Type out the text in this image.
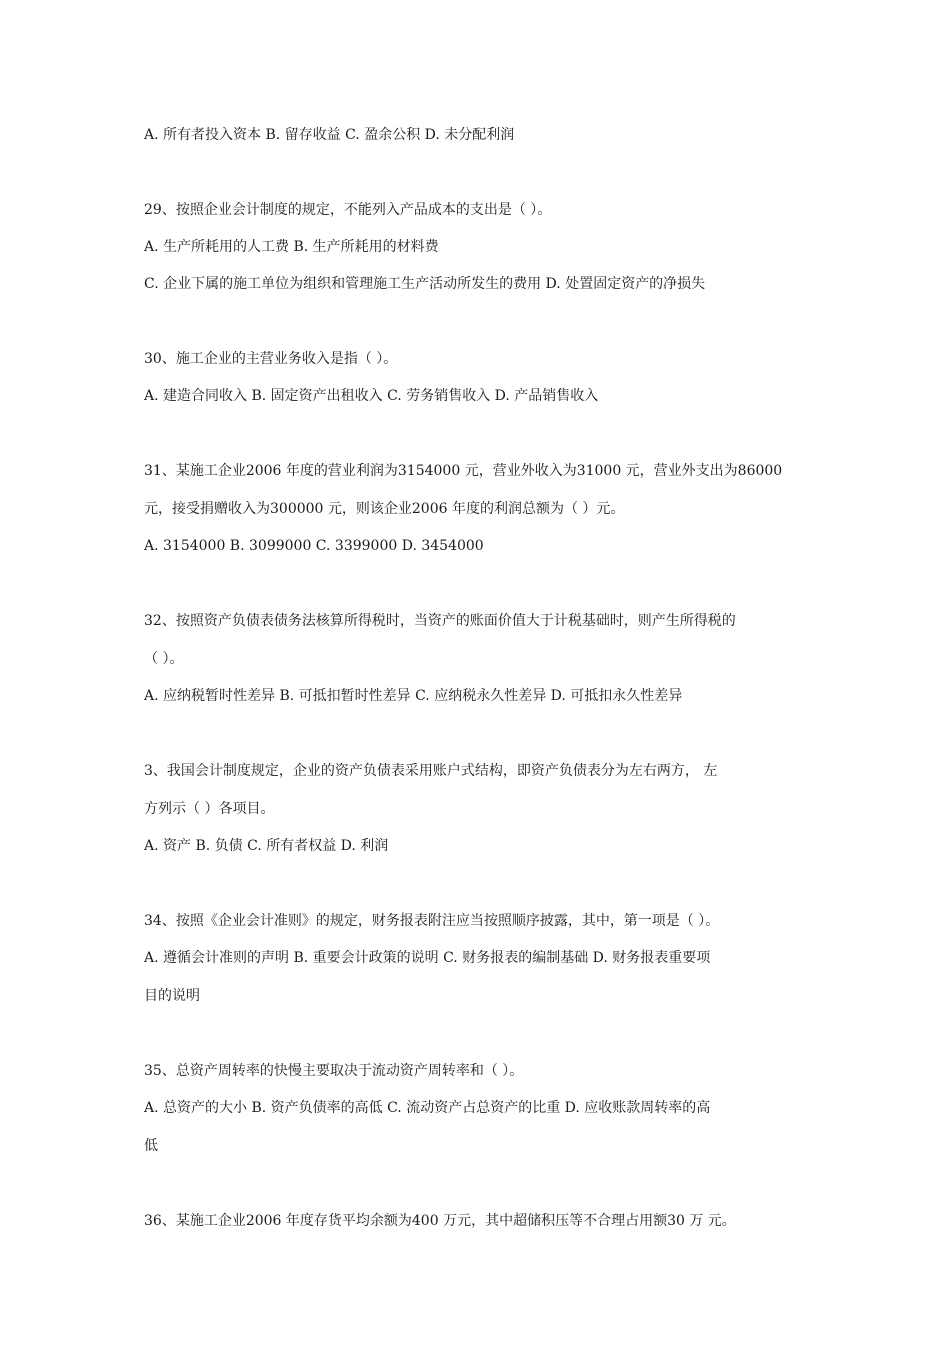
A. 所有者投入资本 B. 留存收益 C. 盈余公积 D. 未分配利润
29、按照企业会计制度的规定，不能列入产品成本的支出是（ ）。
A. 生产所耗用的人工费 B. 生产所耗用的材料费
C. 企业下属的施工单位为组织和管理施工生产活动所发生的费用 D. 处置固定资产的净损失
30、施工企业的主营业务收入是指（ ）。
A. 建造合同收入 B. 固定资产出租收入 C. 劳务销售收入 D. 产品销售收入
31、某施工企业2006 年度的营业利润为3154000 元，营业外收入为31000 元，营业外支出为86000
元，接受捐赠收入为300000 元，则该企业2006 年度的利润总额为（ ）元。
A. 3154000 B. 3099000 C. 3399000 D. 3454000
32、按照资产负债表债务法核算所得税时，当资产的账面价值大于计税基础时，则产生所得税的
（ ）。
A. 应纳税暂时性差异 B. 可抵扣暂时性差异 C. 应纳税永久性差异 D. 可抵扣永久性差异
3、我国会计制度规定，企业的资产负债表采用账户式结构，即资产负债表分为左右两方， 左
方列示（ ）各项目。
A. 资产 B. 负债 C. 所有者权益 D. 利润
34、按照《企业会计准则》的规定，财务报表附注应当按照顺序披露，其中，第一项是（ ）。
A. 遵循会计准则的声明 B. 重要会计政策的说明 C. 财务报表的编制基础 D. 财务报表重要项
目的说明
35、总资产周转率的快慢主要取决于流动资产周转率和（ ）。
A. 总资产的大小 B. 资产负债率的高低 C. 流动资产占总资产的比重 D. 应收账款周转率的高
低
36、某施工企业2006 年度存货平均余额为400 万元，其中超储积压等不合理占用额30 万 元。
